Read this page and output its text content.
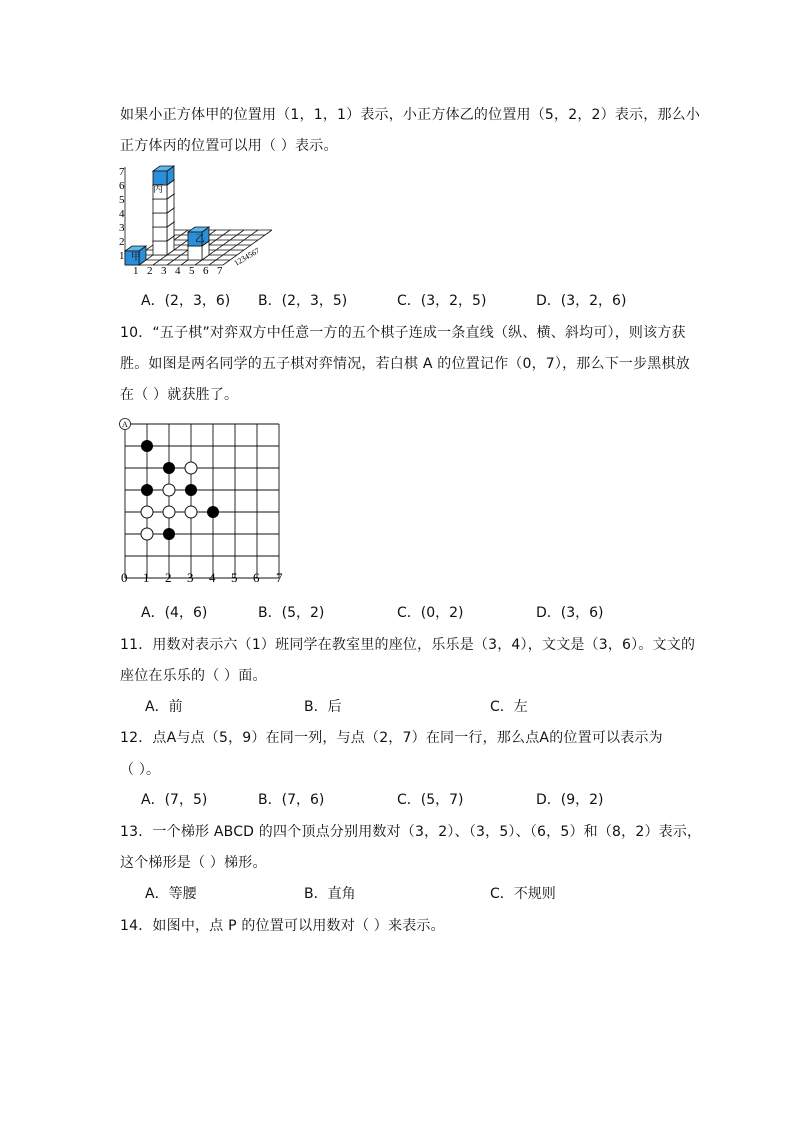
如果小正方体甲的位置用（1，1，1）表示，小正方体乙的位置用（5，2，2）表示，那么小
正方体丙的位置可以用（ ）表示。
7
6
5
4
3
2
1
1 2 3 4 5 6 7
1234567
丙
乙
甲
A．(2，3，6) B．(2，3，5)	C．(3，2，5)	D．(3，2，6)
10．“五子棋”对弈双方中任意一方的五个棋子连成一条直线（纵、横、斜均可），则该方获
胜。如图是两名同学的五子棋对弈情况，若白棋 A 的位置记作（0，7），那么下一步黑棋放
在（ ）就获胜了。
A
0 1 2 3 4 5 6 7
A．(4，6)	B．(5，2)	C．(0，2)	D．(3，6)
11．用数对表示六（1）班同学在教室里的座位，乐乐是（3，4），文文是（3，6）。文文的
座位在乐乐的（ ）面。
A．前	B．后	C．左
12．点A与点（5，9）在同一列，与点（2，7）在同一行，那么点A的位置可以表示为
（ ）。
A．(7，5)	B．(7，6)	C．(5，7)	D．(9，2)
13．一个梯形 ABCD 的四个顶点分别用数对（3，2）、（3，5）、（6，5）和（8，2）表示，
这个梯形是（ ）梯形。
A．等腰	B．直角	C．不规则
14．如图中，点 P 的位置可以用数对（ ）来表示。
